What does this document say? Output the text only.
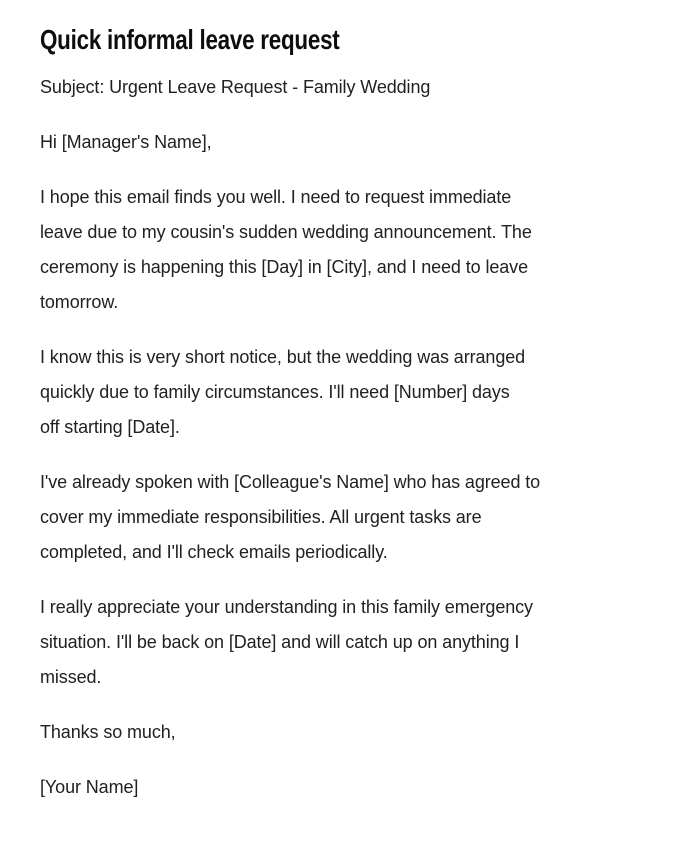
Quick informal leave request

Subject: Urgent Leave Request - Family Wedding

Hi [Manager's Name],

I hope this email finds you well. I need to request immediate
leave due to my cousin's sudden wedding announcement. The
ceremony is happening this [Day] in [City], and I need to leave
tomorrow.

I know this is very short notice, but the wedding was arranged
quickly due to family circumstances. I'll need [Number] days
off starting [Date].

I've already spoken with [Colleague's Name] who has agreed to
cover my immediate responsibilities. All urgent tasks are
completed, and I'll check emails periodically.

I really appreciate your understanding in this family emergency
situation. I'll be back on [Date] and will catch up on anything I
missed.

Thanks so much,

[Your Name]
